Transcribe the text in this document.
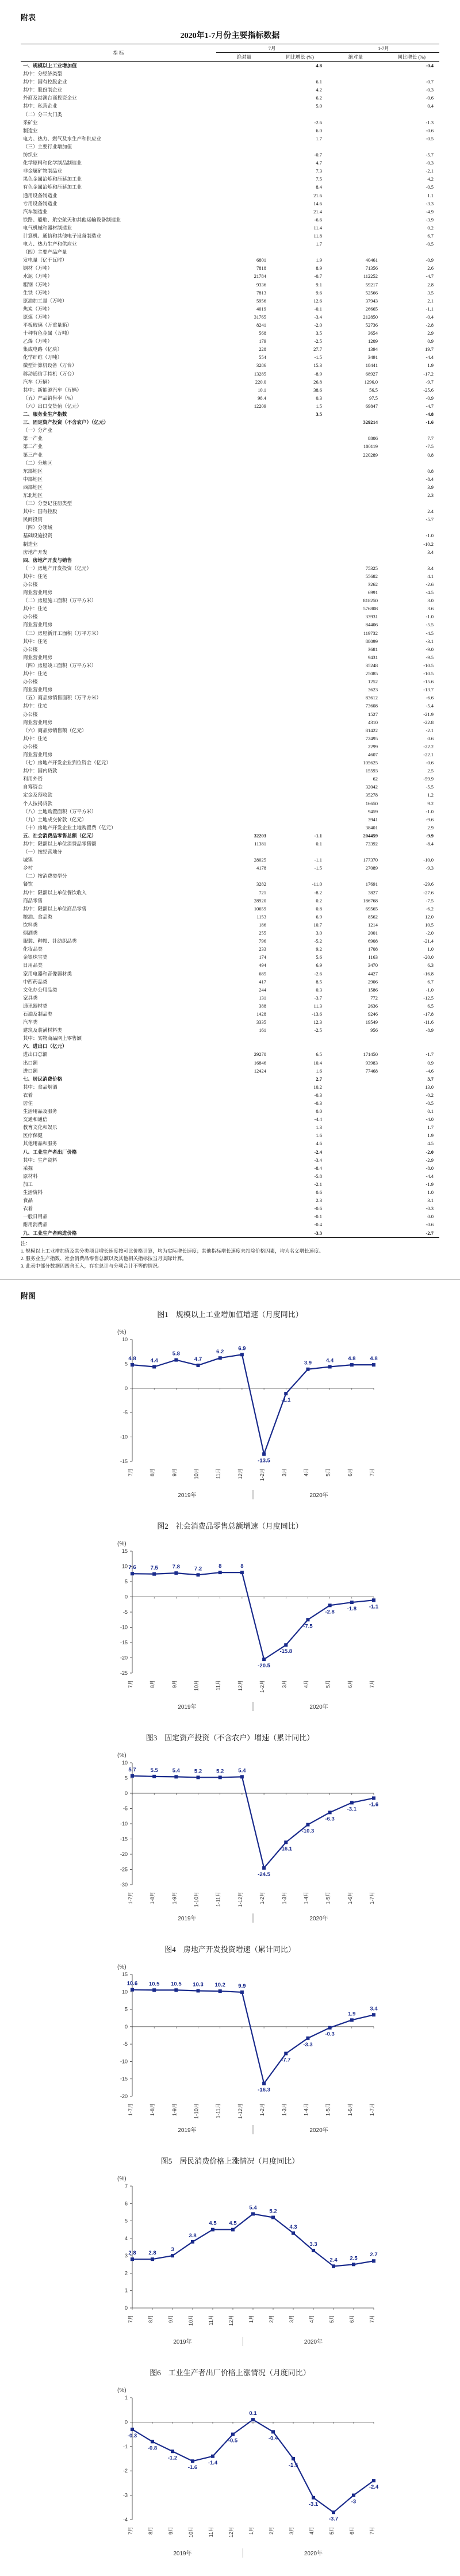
附表
2020年1-7月份主要指标数据
指 标	7月		1-7月	
	绝对量	同比增长 (%)	绝对量	同比增长 (%)
一、规模以上工业增加值		4.8		-0.4
其中：分经济类型				
其中：国有控股企业		6.1		-0.7
其中：股份制企业		4.2		-0.3
外商及港澳台商投资企业		6.2		-0.6
其中：私营企业		5.0		0.4
（二）分三大门类				
采矿业		-2.6		-1.3
制造业		6.0		-0.6
电力、热力、燃气及水生产和供应业		1.7		-0.5
（三）主要行业增加值				
纺织业		-0.7		-5.7
化学原料和化学制品制造业		4.7		-0.3
非金属矿物制品业		7.3		-2.1
黑色金属冶炼和压延加工业		7.5		4.2
有色金属冶炼和压延加工业		8.4		-0.5
通用设备制造业		21.6		1.1
专用设备制造业		14.6		-3.3
汽车制造业		21.4		-4.9
铁路、船舶、航空航天和其他运输设备制造业		-6.6		-3.9
电气机械和器材制造业		11.4		0.2
计算机、通信和其他电子设备制造业		11.8		6.7
电力、热力生产和供应业		1.7		-0.5
（四）主要产品产量				
发电量（亿千瓦时）	6801	1.9	40461	-0.9
钢材（万吨）	7818	8.9	71356	2.6
水泥（万吨）	21784	-0.7	112252	-4.7
粗钢（万吨）	9336	9.1	59217	2.8
生铁（万吨）	7813	9.6	52566	3.5
原油加工量（万吨）	5956	12.6	37943	2.1
焦炭（万吨）	4019	-0.1	26665	-1.1
原煤（万吨）	31765	-3.4	212850	-0.4
平板玻璃（万重量箱）	8241	-2.0	52736	-2.8
十种有色金属（万吨）	568	3.5	3654	2.9
乙烯（万吨）	179	-2.5	1209	0.9
集成电路（亿块）	228	27.7	1394	19.7
化学纤维（万吨）	554	-1.5	3491	-4.4
微型计算机设备（万台）	3286	15.3	18441	1.9
移动通信手持机（万台）	13285	-8.9	68927	-17.2
汽车（万辆）	220.0	26.8	1296.0	-9.7
其中：新能源汽车（万辆）	10.1	38.6	56.5	-25.6
（五）产品销售率（%）	98.4	0.3	97.5	-0.9
（六）出口交货值（亿元）	12209	1.5	69847	-4.7
二、服务业生产指数		3.5		-4.8
三、固定资产投资（不含农户）（亿元）			329214	-1.6
（一）分产业				
第一产业			8806	7.7
第二产业			100119	-7.5
第三产业			220289	0.8
（二）分地区				
东部地区				0.8
中部地区				-8.4
西部地区				3.9
东北地区				2.3
（三）分登记注册类型				
其中：国有控股				2.4
民间投资				-5.7
（四）分领域				
基础设施投资				-1.0
制造业				-10.2
房地产开发				3.4
四、房地产开发与销售				
（一）房地产开发投资（亿元）			75325	3.4
其中：住宅			55682	4.1
办公楼			3262	-2.6
商业营业用房			6991	-4.5
（二）房屋施工面积（万平方米）			818250	3.0
其中：住宅			576808	3.6
办公楼			33931	-1.0
商业营业用房			84406	-5.5
（三）房屋新开工面积（万平方米）			119732	-4.5
其中：住宅			88099	-3.1
办公楼			3681	-9.0
商业营业用房			9431	-9.5
（四）房屋竣工面积（万平方米）			35248	-10.5
其中：住宅			25085	-10.5
办公楼			1252	-15.6
商业营业用房			3623	-13.7
（五）商品房销售面积（万平方米）			83612	-6.6
其中：住宅			73608	-5.4
办公楼			1527	-21.9
商业营业用房			4310	-22.8
（六）商品房销售额（亿元）			81422	-2.1
其中：住宅			72495	0.6
办公楼			2299	-22.2
商业营业用房			4607	-22.1
（七）房地产开发企业到位资金（亿元）			105625	-0.6
其中：国内贷款			15593	2.5
利用外资			62	-59.9
自筹资金			32042	-5.5
定金及预收款			35278	1.2
个人按揭贷款			16650	9.2
（八）土地购置面积（万平方米）			9459	-1.0
（九）土地成交价款（亿元）			3941	-9.6
（十）房地产开发企业土地购置费（亿元）			38401	2.9
五、社会消费品零售总额（亿元）	32203	-1.1	204459	-9.9
其中：限额以上单位消费品零售额	11381	0.1	73392	-8.4
（一）按经营地分				
城镇	28025	-1.1	177370	-10.0
乡村	4178	-1.5	27089	-9.3
（二）按消费类型分				
餐饮	3282	-11.0	17691	-29.6
其中：限额以上单位餐饮收入	721	-8.2	3827	-27.6
商品零售	28920	0.2	186768	-7.5
其中：限额以上单位商品零售	10659	0.8	69565	-6.2
粮油、食品类	1153	6.9	8562	12.0
饮料类	186	10.7	1214	10.5
烟酒类	255	3.0	2001	-2.0
服装、鞋帽、针纺织品类	796	-5.2	6908	-21.4
化妆品类	233	9.2	1708	1.0
金银珠宝类	174	5.6	1163	-20.0
日用品类	494	6.9	3470	6.3
家用电器和音像器材类	685	-2.6	4427	-16.8
中西药品类	417	8.5	2906	6.7
文化办公用品类	244	0.3	1586	-1.0
家具类	131	-3.7	772	-12.5
通讯器材类	388	11.3	2636	6.5
石油及制品类	1428	-13.6	9246	-17.8
汽车类	3335	12.3	19549	-11.6
建筑及装潢材料类	161	-2.5	956	-8.9
其中：实物商品网上零售额				
六、进出口（亿元）				
进出口总额	29270	6.5	171450	-1.7
出口额	16846	10.4	93983	0.9
进口额	12424	1.6	77468	-4.6
七、居民消费价格		2.7		3.7
其中：食品烟酒		10.2		13.0
衣着		-0.3		-0.2
居住		-0.3		-0.5
生活用品及服务		0.0		0.1
交通和通信		-4.4		-4.0
教育文化和娱乐		1.3		1.7
医疗保健		1.6		1.9
其他用品和服务		4.6		4.5
八、工业生产者出厂价格		-2.4		-2.0
其中：生产资料		-3.4		-2.9
采掘		-8.4		-8.0
原材料		-5.8		-4.4
加工		-2.1		-1.9
生活资料		0.6		1.0
食品		2.3		3.1
衣着		-0.6		-0.3
一般日用品		-0.1		0.0
耐用消费品		-0.4		-0.6
九、工业生产者购进价格		-3.3		-2.7
注：
1. 规模以上工业增加值及其分类项目增长速度按可比价格计算，均为实际增长速度；其他指标增长速度未扣除价格因素，均为名义增长速度。
2. 服务业生产指数、社会消费品零售总额以及其他相关指标按当月实际计算。
3. 此表中部分数据因四舍五入，存在总计与分项合计不等的情况。
附图
图1　规模以上工业增加值增速（月度同比）
(%)
-15
-10
-5
0
5
10
7月	8月	9月	10月	11月	12月	1-2月	3月	4月	5月	6月	7月
2019年	2020年
4.8	4.4
5.8
4.7
6.2
6.9
-13.5
-1.1
3.9	4.4	4.8	4.8
图2　社会消费品零售总额增速（月度同比）
(%)
-25
-20
-15
-10
-5
0
5
10
15
7月	8月	9月	10月	11月	12月	1-2月	3月	4月	5月	6月	7月
2019年	2020年
7.6	7.5	7.8	7.2	8	8
-20.5
-15.8
-7.5
-2.8 -1.8 -1.1
图3　固定资产投资（不含农户）增速（累计同比）
(%)
-30
-25
-20
-15
-10
-5
0
5
10
1-7月	1-8月	1-9月	1-10月	1-11月	1-12月	1-2月	1-3月	1-4月	1-5月	1-6月	1-7月
2019年	2020年
5.7	5.5	5.4	5.2	5.2	5.4
-24.5
-16.1
-10.3
-6.3
-3.1
-1.6
图4　房地产开发投资增速（累计同比）
(%)
-20
-15
-10
-5
0
5
10
15
1-7月	1-8月	1-9月	1-10月	1-11月	1-12月	1-2月	1-3月	1-4月	1-5月	1-6月	1-7月
2019年	2020年
10.6 10.5 10.5 10.3 10.2 9.9
-16.3
-7.7
-3.3
-0.3
1.9
3.4
图5　居民消费价格上涨情况（月度同比）
(%)
0
1
2
3
4
5
6
7
7月	8月	9月	10月	11月	12月	1月	2月	3月	4月	5月	6月	7月
2019年	2020年
2.8 2.8
3
3.8
4.5 4.5
5.4
5.2
4.3
3.3
2.4 2.5
2.7
图6　工业生产者出厂价格上涨情况（月度同比）
(%)
-4
-3
-2
-1
0
1
7月	8月	9月	10月	11月	12月	1月	2月	3月	4月	5月	6月	7月
2019年	2020年
-0.3
-0.8
-1.2
-1.6
-1.4
-0.5
0.1
-0.4
-1.5
-3.1
-3.7
-3
-2.4
